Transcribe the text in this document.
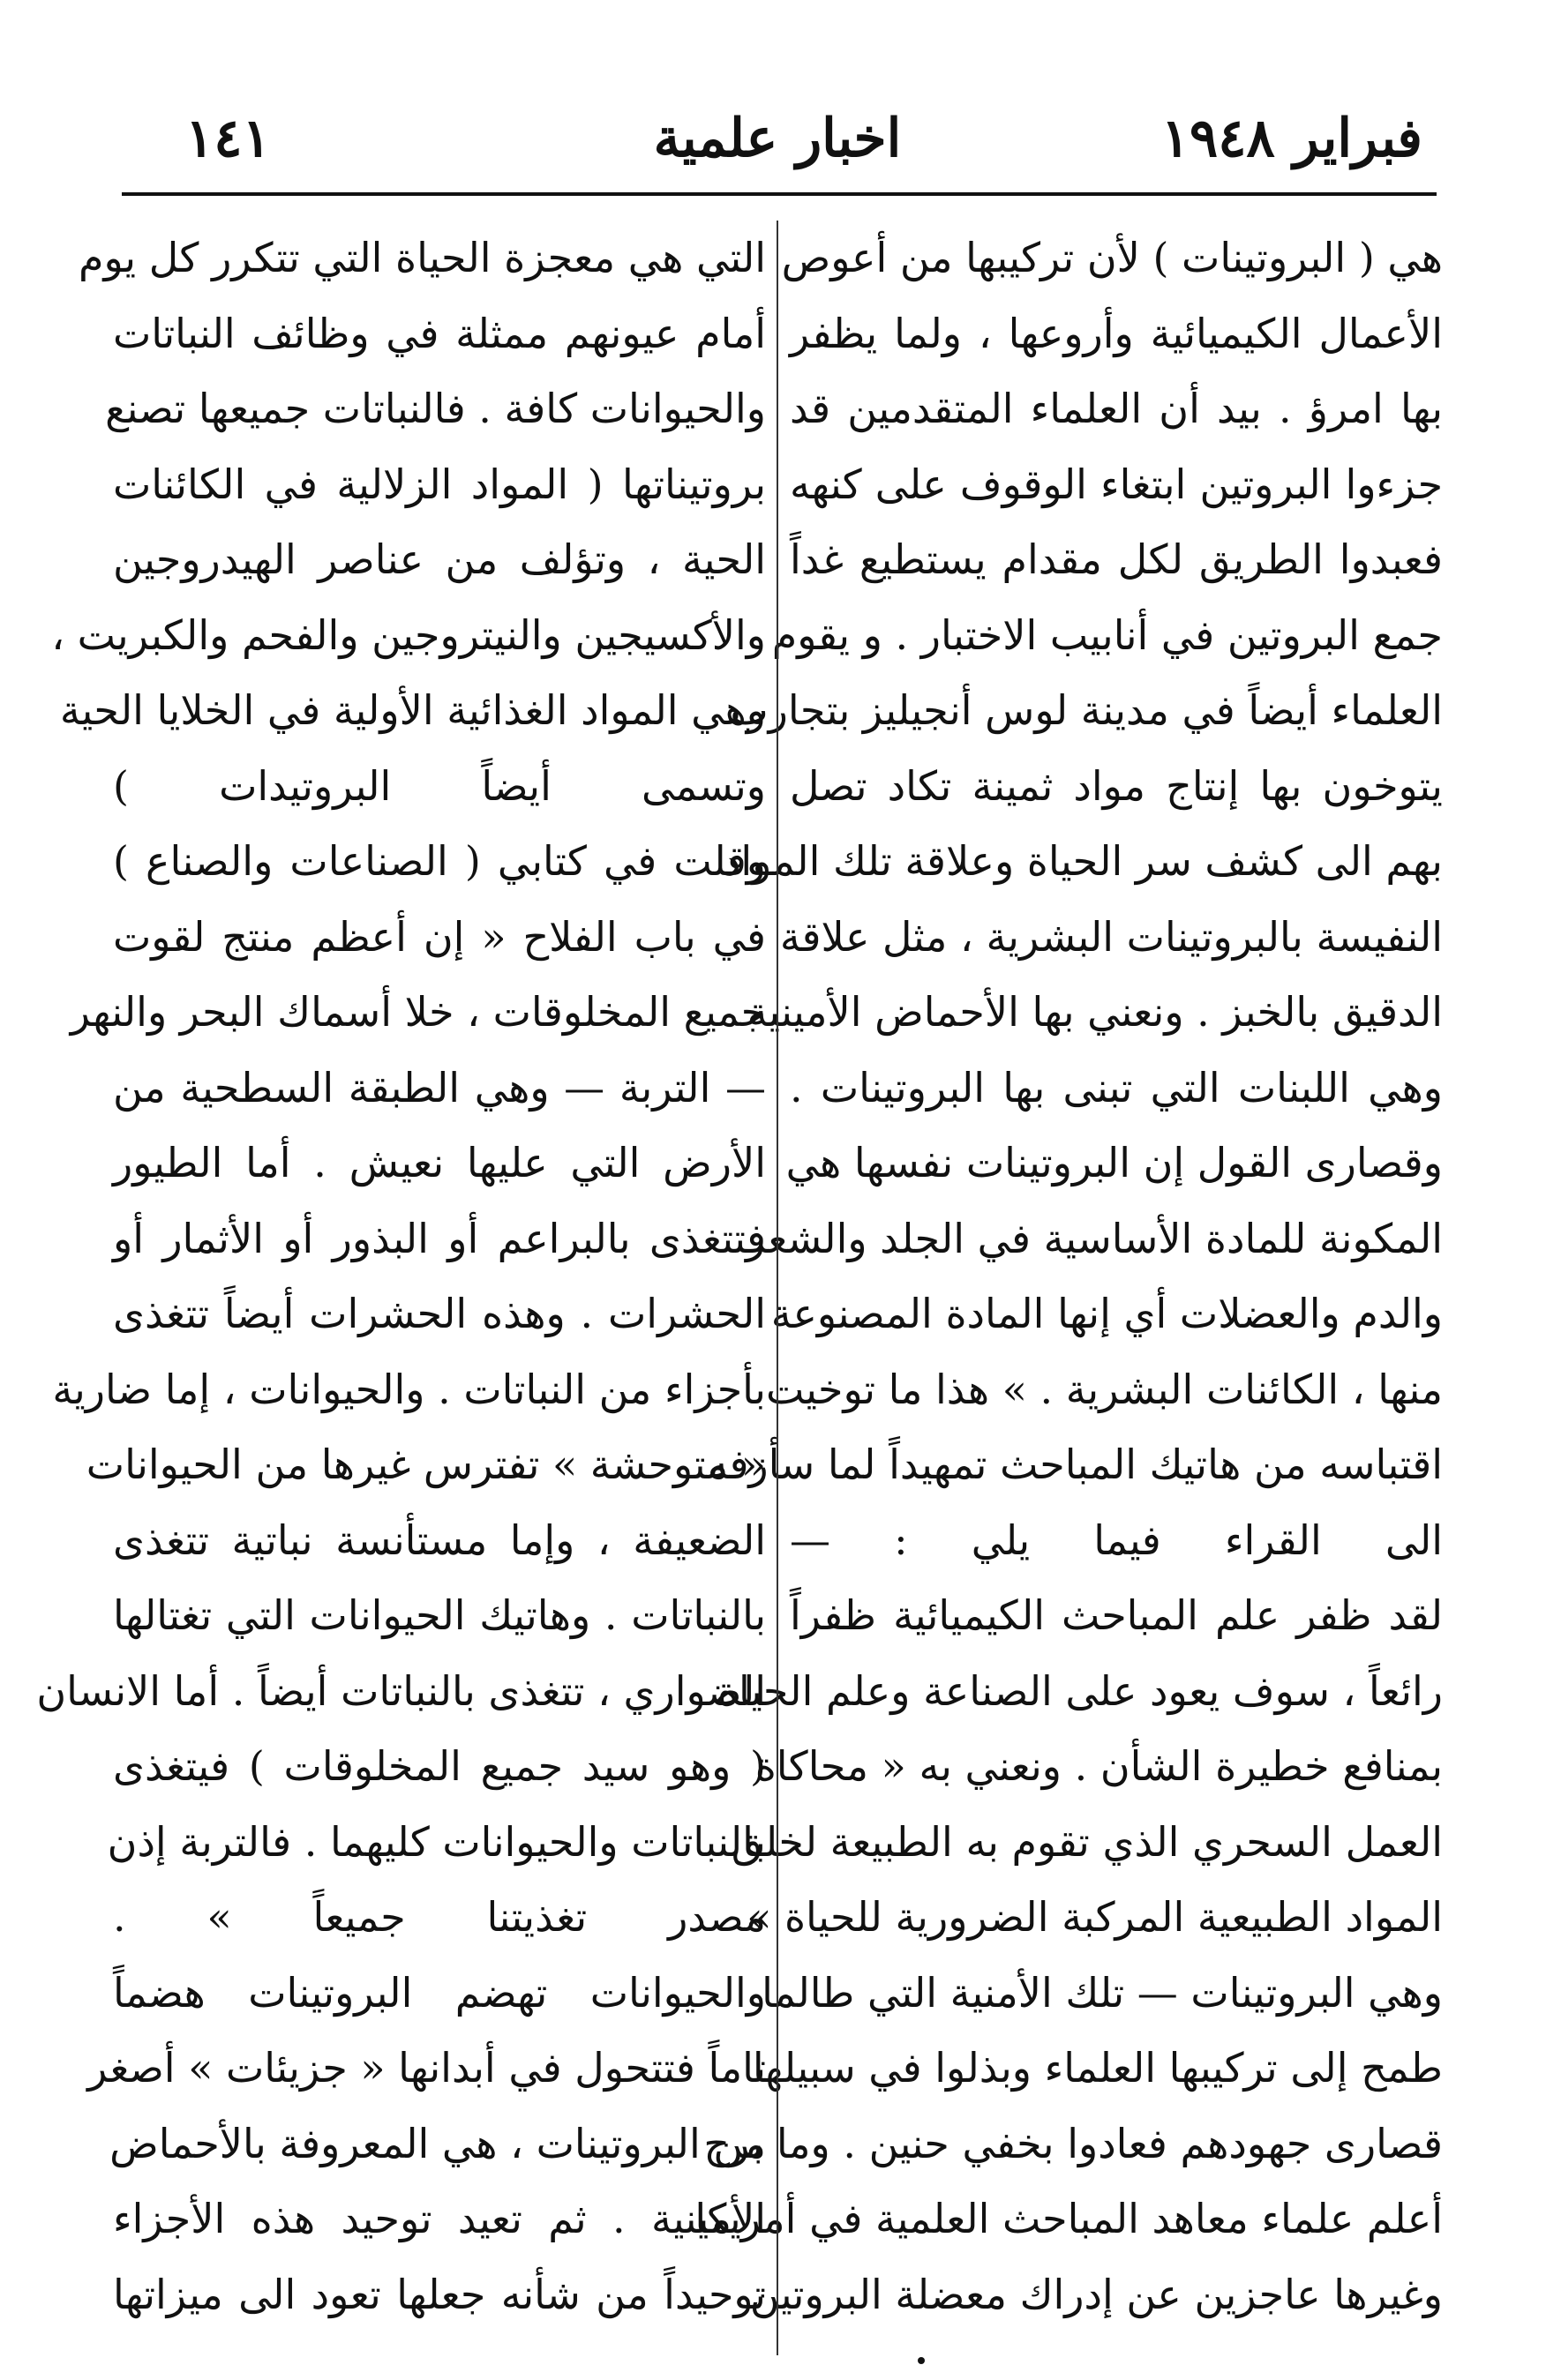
١٤١	اخبار علمية	فبراير ١٩٤٨
هي ( البروتينات ) لأن تركيبها من أعوص
الأعمال الكيميائية وأروعها ، ولما يظفر
بها امرؤ . بيد أن العلماء المتقدمين قد
جزءوا البروتين ابتغاء الوقوف على كنهه
فعبدوا الطريق لكل مقدام يستطيع غداً
جمع البروتين في أنابيب الاختبار . و يقوم
العلماء أيضاً في مدينة لوس أنجيليز بتجارب
يتوخون بها إنتاج مواد ثمينة تكاد تصل
بهم الى كشف سر الحياة وعلاقة تلك المواد
النفيسة بالبروتينات البشرية ، مثل علاقة
الدقيق بالخبز . ونعني بها الأحماض الأمينية
وهي اللبنات التي تبنى بها البروتينات .
وقصارى القول إن البروتينات نفسها هي
المكونة للمادة الأساسية في الجلد والشعر
والدم والعضلات أي إنها المادة المصنوعة
منها ، الكائنات البشرية . » هذا ما توخيت
اقتباسه من هاتيك المباحث تمهيداً لما سأزفه
الى القراء فيما يلي : —
لقد ظفر علم المباحث الكيميائية ظفراً
رائعاً ، سوف يعود على الصناعة وعلم الحياة
بمنافع خطيرة الشأن . ونعني به « محاكاة
العمل السحري الذي تقوم به الطبيعة لخلق
المواد الطبيعية المركبة الضرورية للحياة »
وهي البروتينات — تلك الأمنية التي طالما
طمح إلى تركيبها العلماء وبذلوا في سبيلها
قصارى جهودهم فعادوا بخفي حنين . وما برح
أعلم علماء معاهد المباحث العلمية في أمريكا
وغيرها عاجزين عن إدراك معضلة البروتين
التي هي معجزة الحياة التي تتكرر كل يوم
أمام عيونهم ممثلة في وظائف النباتات
والحيوانات كافة . فالنباتات جميعها تصنع
بروتيناتها ( المواد الزلالية في الكائنات
الحية ، وتؤلف من عناصر الهيدروجين
والأكسيجين والنيتروجين والفحم والكبريت ،
وهي المواد الغذائية الأولية في الخلايا الحية
وتسمى أيضاً البروتيدات )
وقلت في كتابي ( الصناعات والصناع )
في باب الفلاح « إن أعظم منتج لقوت
جميع المخلوقات ، خلا أسماك البحر والنهر
— التربة — وهي الطبقة السطحية من
الأرض التي عليها نعيش . أما الطيور
فتتغذى بالبراعم أو البذور أو الأثمار أو
الحشرات . وهذه الحشرات أيضاً تتغذى
بأجزاء من النباتات . والحيوانات ، إما ضارية
« متوحشة » تفترس غيرها من الحيوانات
الضعيفة ، وإما مستأنسة نباتية تتغذى
بالنباتات . وهاتيك الحيوانات التي تغتالها
الضواري ، تتغذى بالنباتات أيضاً . أما الانسان
( وهو سيد جميع المخلوقات ) فيتغذى
بالنباتات والحيوانات كليهما . فالتربة إذن
مصدر تغذيتنا جميعاً » .
والحيوانات تهضم البروتينات هضماً
تاماً فتتحول في أبدانها « جزيئات » أصغر
من البروتينات ، هي المعروفة بالأحماض
الأمينية . ثم تعيد توحيد هذه الأجزاء
توحيداً من شأنه جعلها تعود الى ميزاتها
